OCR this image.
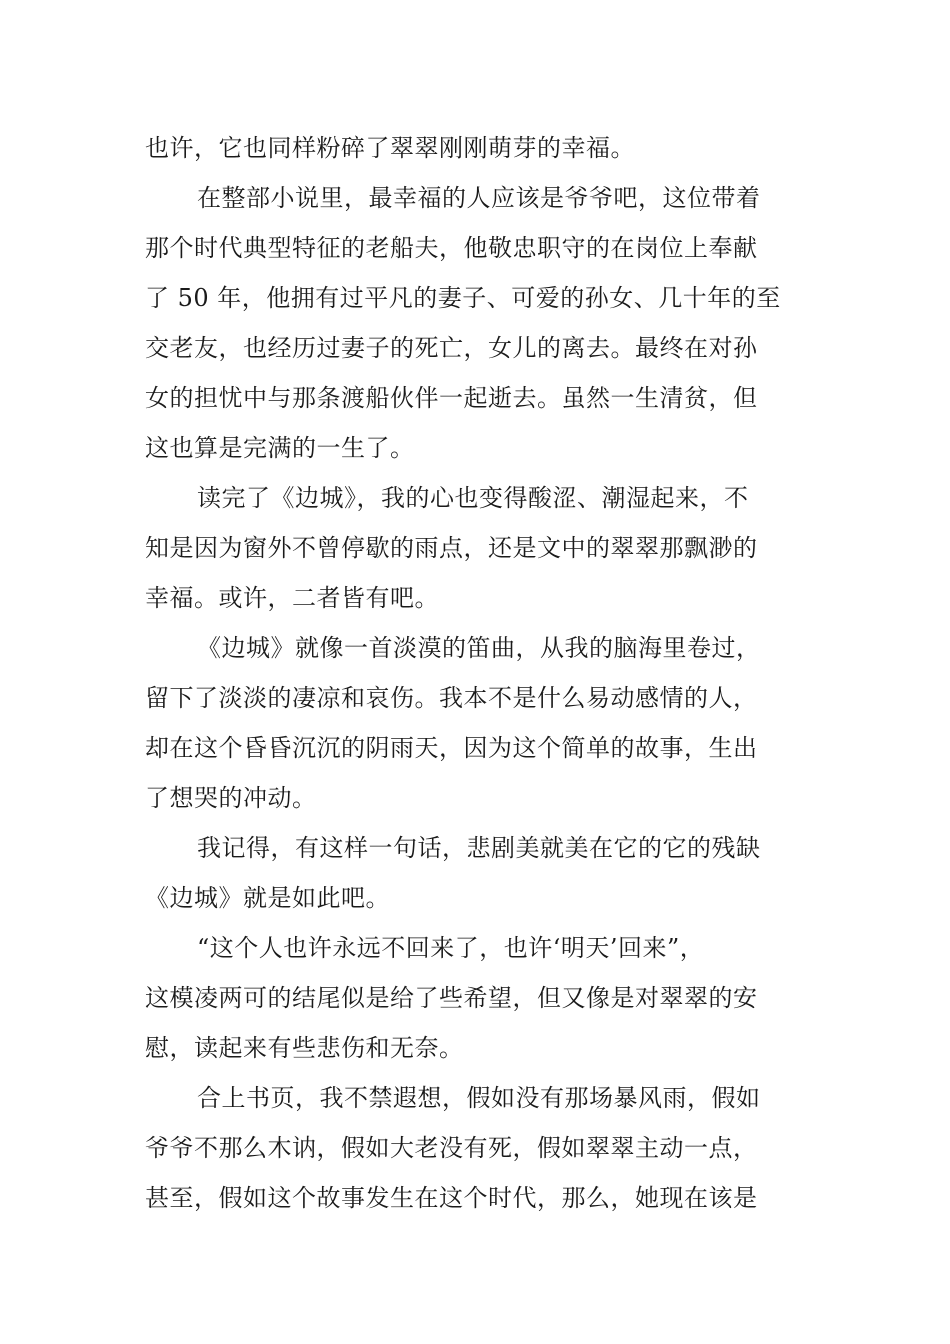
也许，它也同样粉碎了翠翠刚刚萌芽的幸福。
在整部小说里，最幸福的人应该是爷爷吧，这位带着
那个时代典型特征的老船夫，他敬忠职守的在岗位上奉献
了 50 年，他拥有过平凡的妻子、可爱的孙女、几十年的至
交老友，也经历过妻子的死亡，女儿的离去。最终在对孙
女的担忧中与那条渡船伙伴一起逝去。虽然一生清贫，但
这也算是完满的一生了。
读完了《边城》，我的心也变得酸涩、潮湿起来，不
知是因为窗外不曾停歇的雨点，还是文中的翠翠那飘渺的
幸福。或许，二者皆有吧。
《边城》就像一首淡漠的笛曲，从我的脑海里卷过，
留下了淡淡的凄凉和哀伤。我本不是什么易动感情的人，
却在这个昏昏沉沉的阴雨天，因为这个简单的故事，生出
了想哭的冲动。
我记得，有这样一句话，悲剧美就美在它的它的残缺
《边城》就是如此吧。
“这个人也许永远不回来了，也许‘明天’回来”，
这模凌两可的结尾似是给了些希望，但又像是对翠翠的安
慰，读起来有些悲伤和无奈。
合上书页，我不禁遐想，假如没有那场暴风雨，假如
爷爷不那么木讷，假如大老没有死，假如翠翠主动一点，
甚至，假如这个故事发生在这个时代，那么，她现在该是
